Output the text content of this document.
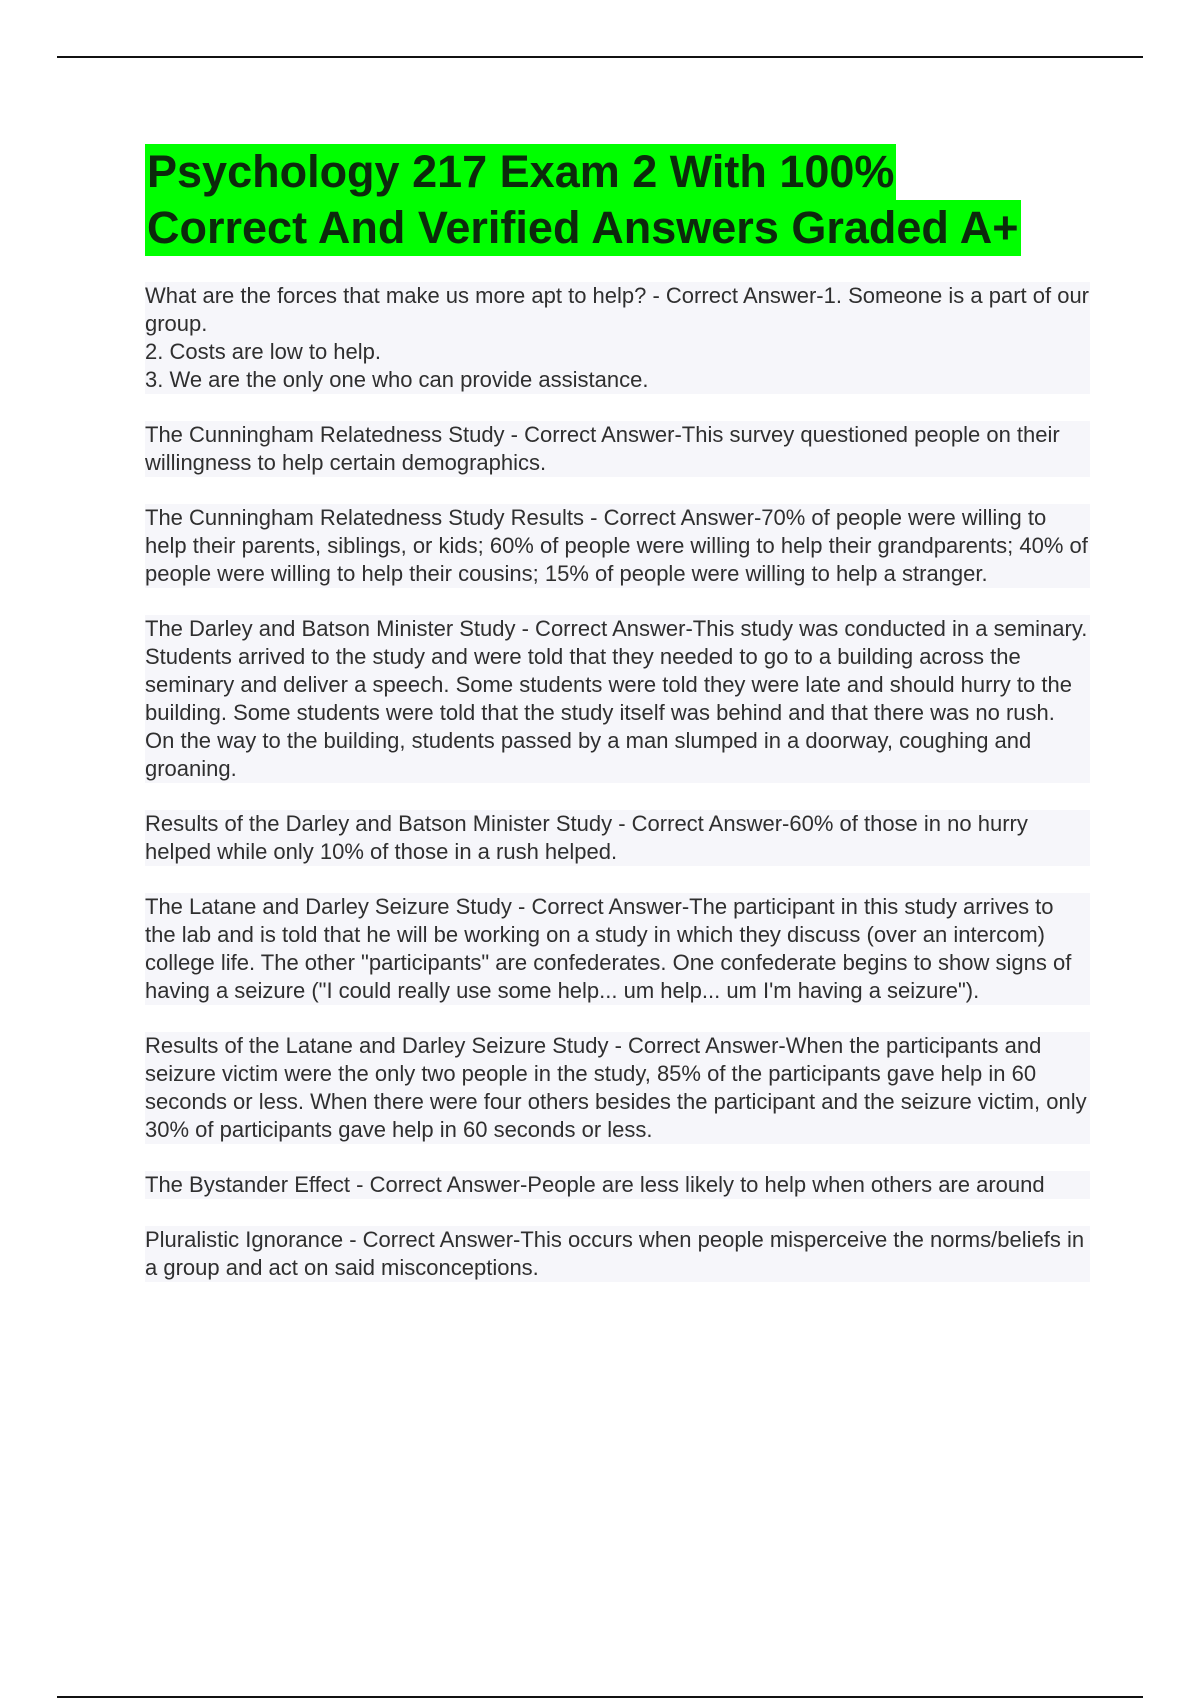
Psychology 217 Exam 2 With 100%
Correct And Verified Answers Graded A+
What are the forces that make us more apt to help? - Correct Answer-1. Someone is a part of our group.
2. Costs are low to help.
3. We are the only one who can provide assistance.
The Cunningham Relatedness Study - Correct Answer-This survey questioned people on their willingness to help certain demographics.
The Cunningham Relatedness Study Results - Correct Answer-70% of people were willing to help their parents, siblings, or kids; 60% of people were willing to help their grandparents; 40% of people were willing to help their cousins; 15% of people were willing to help a stranger.
The Darley and Batson Minister Study - Correct Answer-This study was conducted in a seminary. Students arrived to the study and were told that they needed to go to a building across the seminary and deliver a speech. Some students were told they were late and should hurry to the building. Some students were told that the study itself was behind and that there was no rush. On the way to the building, students passed by a man slumped in a doorway, coughing and groaning.
Results of the Darley and Batson Minister Study - Correct Answer-60% of those in no hurry helped while only 10% of those in a rush helped.
The Latane and Darley Seizure Study - Correct Answer-The participant in this study arrives to the lab and is told that he will be working on a study in which they discuss (over an intercom) college life. The other "participants" are confederates. One confederate begins to show signs of having a seizure ("I could really use some help... um help... um I'm having a seizure").
Results of the Latane and Darley Seizure Study - Correct Answer-When the participants and seizure victim were the only two people in the study, 85% of the participants gave help in 60 seconds or less. When there were four others besides the participant and the seizure victim, only 30% of participants gave help in 60 seconds or less.
The Bystander Effect - Correct Answer-People are less likely to help when others are around
Pluralistic Ignorance - Correct Answer-This occurs when people misperceive the norms/beliefs in a group and act on said misconceptions.
